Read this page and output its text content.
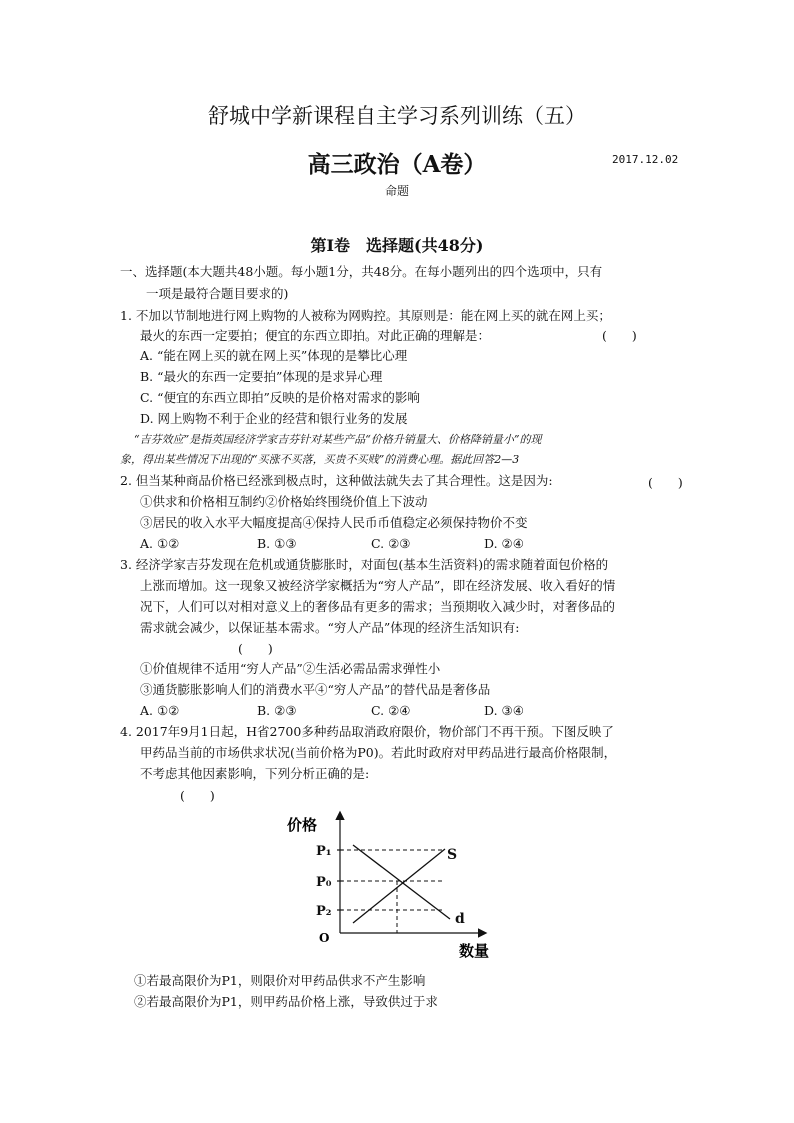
舒城中学新课程自主学习系列训练（五）
高三政治（A卷）	2017.12.02
命题
第Ⅰ卷　选择题(共48分)
一、选择题(本大题共48小题。每小题1分，共48分。在每小题列出的四个选项中，只有
一项是最符合题目要求的)
1. 不加以节制地进行网上购物的人被称为网购控。其原则是：能在网上买的就在网上买；
最火的东西一定要拍；便宜的东西立即拍。对此正确的理解是：	(　　)
A. “能在网上买的就在网上买”体现的是攀比心理
B. “最火的东西一定要拍”体现的是求异心理
C. “便宜的东西立即拍”反映的是价格对需求的影响
D. 网上购物不利于企业的经营和银行业务的发展
“吉芬效应”是指英国经济学家吉芬针对某些产品“价格升销量大、价格降销量小”的现
象，得出某些情况下出现的“买涨不买落，买贵不买贱”的消费心理。据此回答2—3
2. 但当某种商品价格已经涨到极点时，这种做法就失去了其合理性。这是因为:	(　　)
①供求和价格相互制约②价格始终围绕价值上下波动
③居民的收入水平大幅度提高④保持人民币币值稳定必须保持物价不变
A. ①②	B. ①③	C. ②③	D. ②④
3. 经济学家吉芬发现在危机或通货膨胀时，对面包(基本生活资料)的需求随着面包价格的
上涨而增加。这一现象又被经济学家概括为“穷人产品”，即在经济发展、收入看好的情
况下，人们可以对相对意义上的奢侈品有更多的需求；当预期收入减少时，对奢侈品的
需求就会减少，以保证基本需求。“穷人产品”体现的经济生活知识有:
(　　)
①价值规律不适用“穷人产品”②生活必需品需求弹性小
③通货膨胀影响人们的消费水平④“穷人产品”的替代品是奢侈品
A. ①②	B. ②③	C. ②④	D. ③④
4. 2017年9月1日起，H省2700多种药品取消政府限价，物价部门不再干预。下图反映了
甲药品当前的市场供求状况(当前价格为P0)。若此时政府对甲药品进行最高价格限制，
不考虑其他因素影响，下列分析正确的是:
(　　)
价格
数量
O
P₁
P₀
P₂
S
d
①若最高限价为P1，则限价对甲药品供求不产生影响
②若最高限价为P1，则甲药品价格上涨，导致供过于求
